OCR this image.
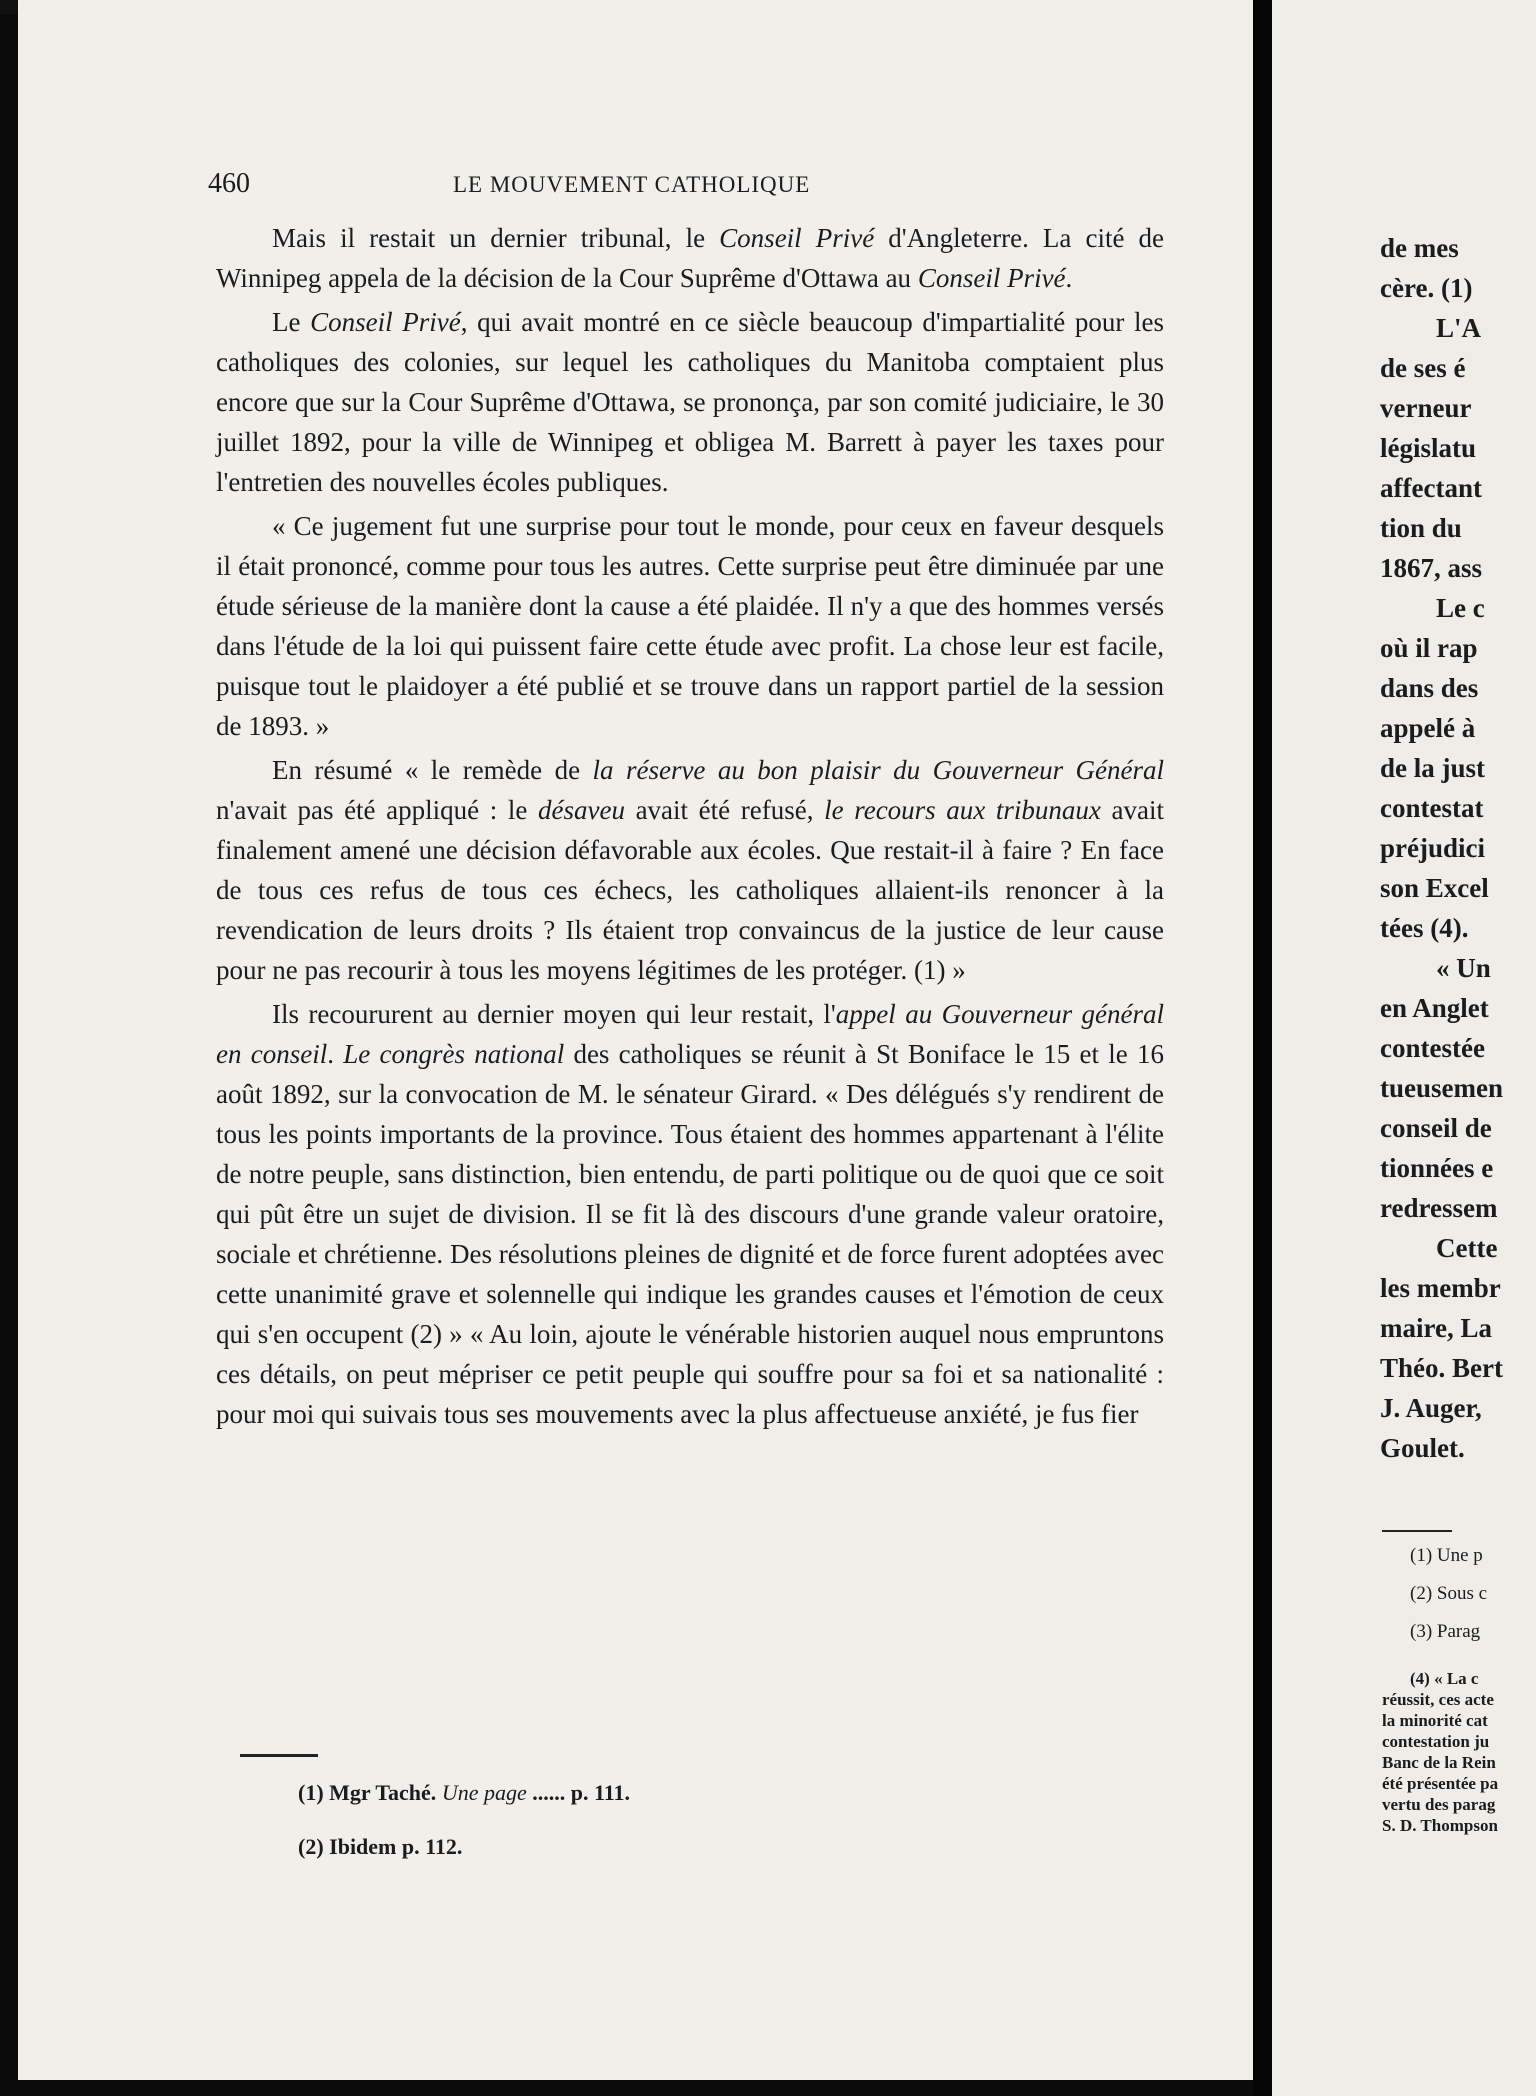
460	LE MOUVEMENT CATHOLIQUE

Mais il restait un dernier tribunal, le Conseil Privé d'Angleterre. La cité de Winnipeg appela de la décision de la Cour Suprême d'Ottawa au Conseil Privé.

Le Conseil Privé, qui avait montré en ce siècle beaucoup d'impartialité pour les catholiques des colonies, sur lequel les catholiques du Manitoba comptaient plus encore que sur la Cour Suprême d'Ottawa, se prononça, par son comité judiciaire, le 30 juillet 1892, pour la ville de Winnipeg et obligea M. Barrett à payer les taxes pour l'entretien des nouvelles écoles publiques.

« Ce jugement fut une surprise pour tout le monde, pour ceux en faveur desquels il était prononcé, comme pour tous les autres. Cette surprise peut être diminuée par une étude sérieuse de la manière dont la cause a été plaidée. Il n'y a que des hommes versés dans l'étude de la loi qui puissent faire cette étude avec profit. La chose leur est facile, puisque tout le plaidoyer a été publié et se trouve dans un rapport partiel de la session de 1893. »

En résumé « le remède de la réserve au bon plaisir du Gouverneur Général n'avait pas été appliqué : le désaveu avait été refusé, le recours aux tribunaux avait finalement amené une décision défavorable aux écoles. Que restait-il à faire ? En face de tous ces refus de tous ces échecs, les catholiques allaient-ils renoncer à la revendication de leurs droits ? Ils étaient trop convaincus de la justice de leur cause pour ne pas recourir à tous les moyens légitimes de les protéger. (1) »

Ils recoururent au dernier moyen qui leur restait, l'appel au Gouverneur général en conseil. Le congrès national des catholiques se réunit à St Boniface le 15 et le 16 août 1892, sur la convocation de M. le sénateur Girard. « Des délégués s'y rendirent de tous les points importants de la province. Tous étaient des hommes appartenant à l'élite de notre peuple, sans distinction, bien entendu, de parti politique ou de quoi que ce soit qui pût être un sujet de division. Il se fit là des discours d'une grande valeur oratoire, sociale et chrétienne. Des résolutions pleines de dignité et de force furent adoptées avec cette unanimité grave et solennelle qui indique les grandes causes et l'émotion de ceux qui s'en occupent (2) » « Au loin, ajoute le vénérable historien auquel nous empruntons ces détails, on peut mépriser ce petit peuple qui souffre pour sa foi et sa nationalité : pour moi qui suivais tous ses mouvements avec la plus affectueuse anxiété, je fus fier

(1) Mgr Taché. Une page ...... p. 111.
(2) Ibidem p. 112.
de mes
cère. (1)
L'A
de ses é
verneur
législatu
affectant
tion du
1867, ass
Le c
où il rap
dans des
appelé à
de la just
contestat
préjudici
son Excel
tées (4).
« Un
en Anglet
contestée
tueusemen
conseil de
tionnées e
redressem
Cette
les membr
maire, La
Théo. Bert
J. Auger,
Goulet.
(1) Une p
(2) Sous c
(3) Parag
(4) « La c
réussit, ces acte
la minorité cat
contestation ju
Banc de la Rein
été présentée pa
vertu des parag
S. D. Thompson
